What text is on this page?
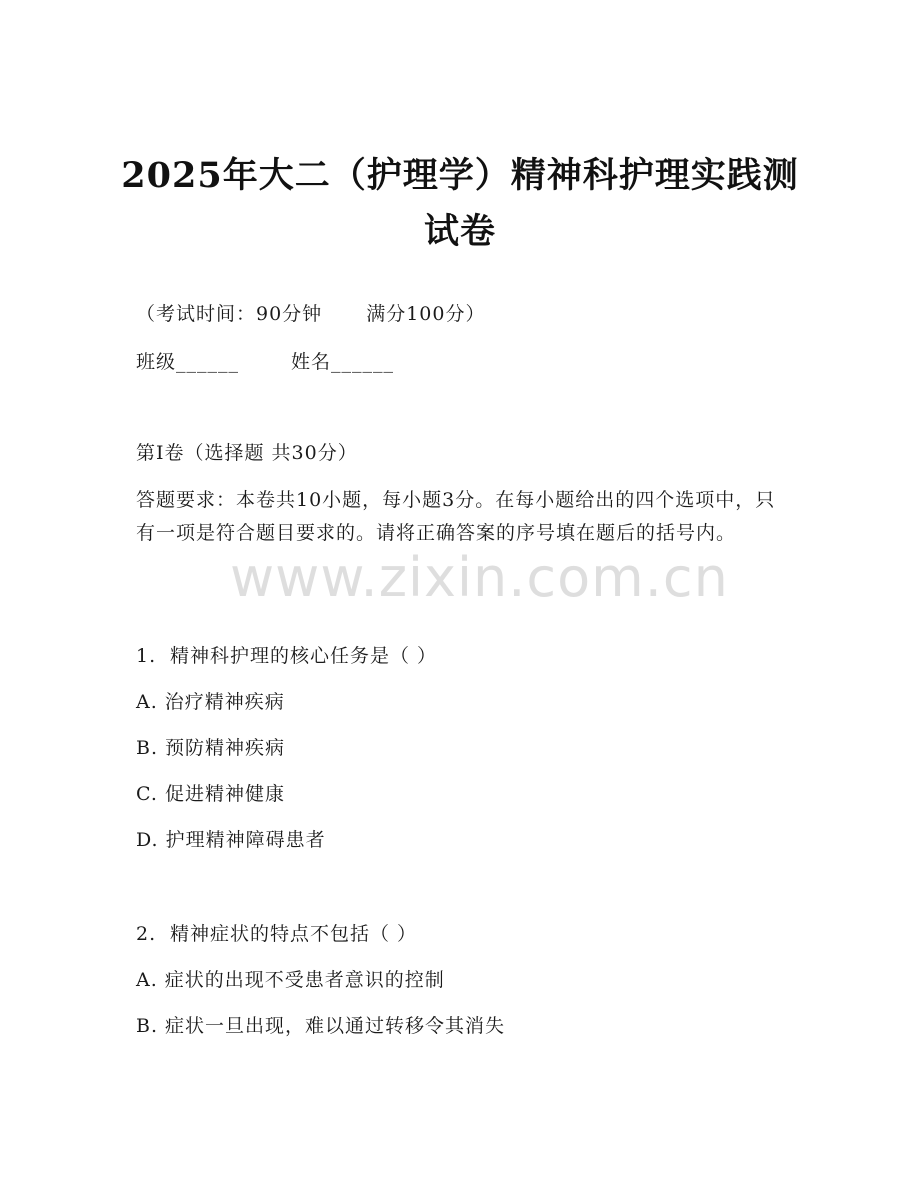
2025年大二（护理学）精神科护理实践测试卷
（考试时间：90分钟 满分100分）
班级______	姓名______
第I卷（选择题 共30分）
答题要求：本卷共10小题，每小题3分。在每小题给出的四个选项中，只有一项是符合题目要求的。请将正确答案的序号填在题后的括号内。
www.zixin.com.cn
1. 精神科护理的核心任务是（ ）
A. 治疗精神疾病
B. 预防精神疾病
C. 促进精神健康
D. 护理精神障碍患者
2. 精神症状的特点不包括（ ）
A. 症状的出现不受患者意识的控制
B. 症状一旦出现，难以通过转移令其消失
